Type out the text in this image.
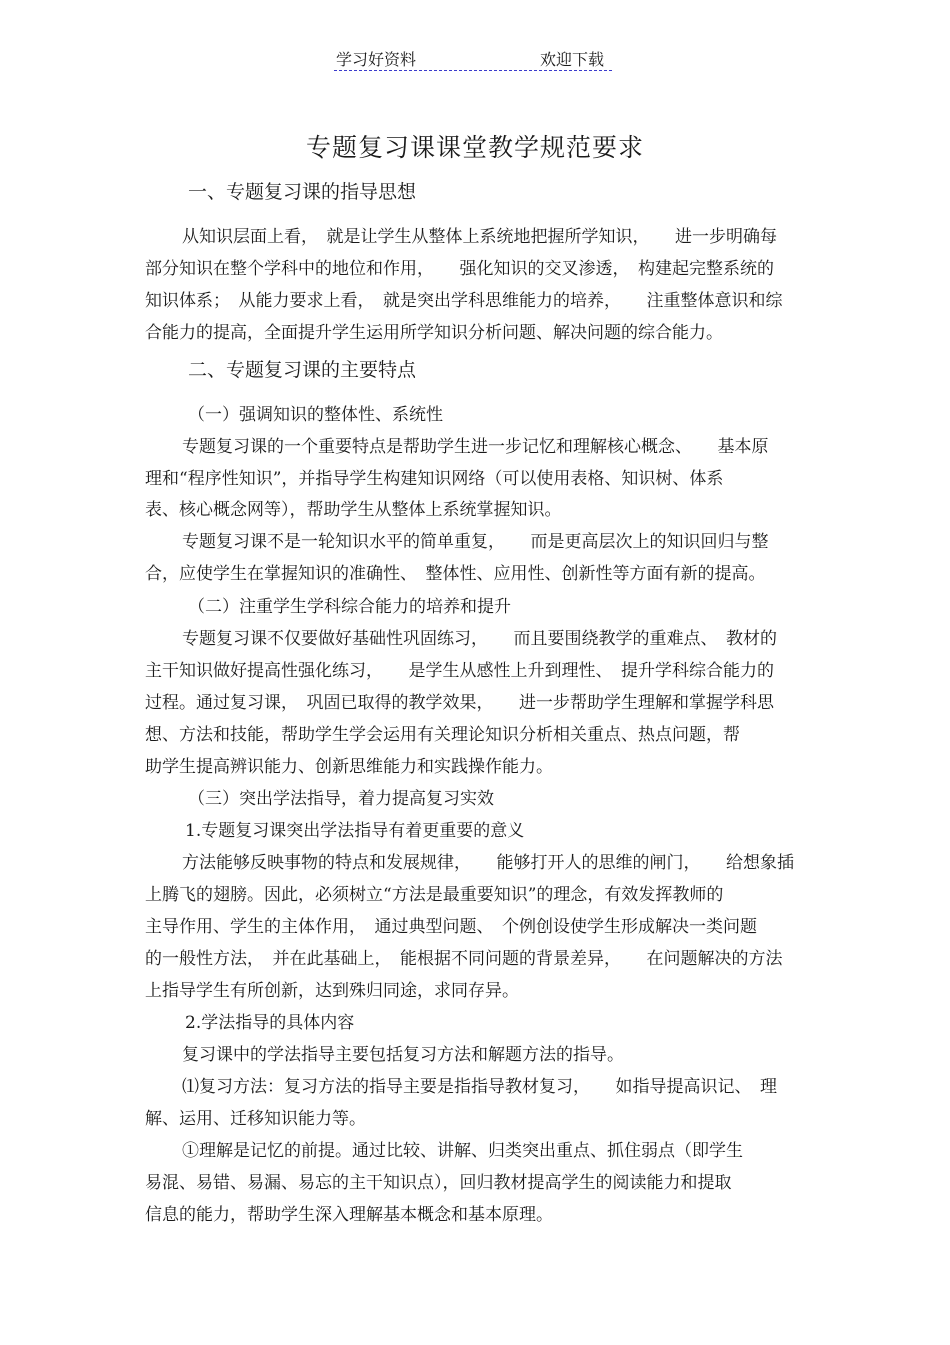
学习好资料	欢迎下载
专题复习课课堂教学规范要求
一、专题复习课的指导思想
从知识层面上看，　就是让学生从整体上系统地把握所学知识，　　进一步明确每
部分知识在整个学科中的地位和作用，　　强化知识的交叉渗透，　构建起完整系统的
知识体系；　从能力要求上看，　就是突出学科思维能力的培养，　　注重整体意识和综
合能力的提高，全面提升学生运用所学知识分析问题、解决问题的综合能力。
二、专题复习课的主要特点
（一）强调知识的整体性、系统性
专题复习课的一个重要特点是帮助学生进一步记忆和理解核心概念、　　基本原
理和“程序性知识”，并指导学生构建知识网络（可以使用表格、知识树、体系
表、核心概念网等），帮助学生从整体上系统掌握知识。
专题复习课不是一轮知识水平的简单重复，　　而是更高层次上的知识回归与整
合，应使学生在掌握知识的准确性、　整体性、应用性、创新性等方面有新的提高。
（二）注重学生学科综合能力的培养和提升
专题复习课不仅要做好基础性巩固练习，　　而且要围绕教学的重难点、　教材的
主干知识做好提高性强化练习，　　是学生从感性上升到理性、　提升学科综合能力的
过程。通过复习课，　巩固已取得的教学效果，　　进一步帮助学生理解和掌握学科思
想、方法和技能，帮助学生学会运用有关理论知识分析相关重点、热点问题，帮
助学生提高辨识能力、创新思维能力和实践操作能力。
（三）突出学法指导，着力提高复习实效
1.专题复习课突出学法指导有着更重要的意义
方法能够反映事物的特点和发展规律，　　能够打开人的思维的闸门，　　给想象插
上腾飞的翅膀。因此，必须树立“方法是最重要知识”的理念，有效发挥教师的
主导作用、学生的主体作用，　通过典型问题、　个例创设使学生形成解决一类问题
的一般性方法，　并在此基础上，　能根据不同问题的背景差异，　　在问题解决的方法
上指导学生有所创新，达到殊归同途，求同存异。
2.学法指导的具体内容
复习课中的学法指导主要包括复习方法和解题方法的指导。
⑴复习方法：复习方法的指导主要是指指导教材复习，　　如指导提高识记、　理
解、运用、迁移知识能力等。
①理解是记忆的前提。通过比较、讲解、归类突出重点、抓住弱点（即学生
易混、易错、易漏、易忘的主干知识点），回归教材提高学生的阅读能力和提取
信息的能力，帮助学生深入理解基本概念和基本原理。
